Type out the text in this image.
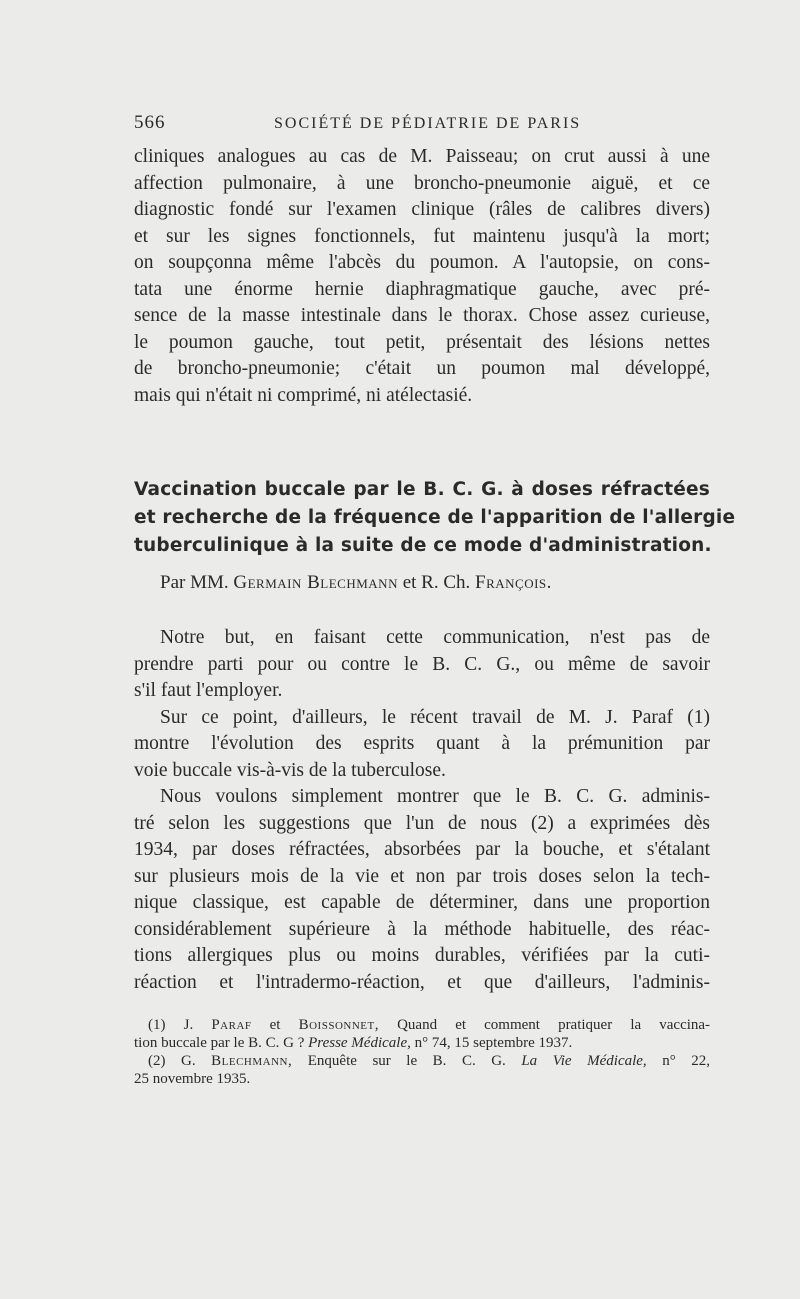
566	SOCIÉTÉ DE PÉDIATRIE DE PARIS
cliniques analogues au cas de M. Paisseau; on crut aussi à une
affection pulmonaire, à une broncho-pneumonie aiguë, et ce
diagnostic fondé sur l'examen clinique (râles de calibres divers)
et sur les signes fonctionnels, fut maintenu jusqu'à la mort;
on soupçonna même l'abcès du poumon. A l'autopsie, on cons-
tata une énorme hernie diaphragmatique gauche, avec pré-
sence de la masse intestinale dans le thorax. Chose assez curieuse,
le poumon gauche, tout petit, présentait des lésions nettes
de broncho-pneumonie; c'était un poumon mal développé,
mais qui n'était ni comprimé, ni atélectasié.
Vaccination buccale par le B. C. G. à doses réfractées
et recherche de la fréquence de l'apparition de l'allergie
tuberculinique à la suite de ce mode d'administration.
Par MM. Germain Blechmann et R. Ch. François.
Notre but, en faisant cette communication, n'est pas de
prendre parti pour ou contre le B. C. G., ou même de savoir
s'il faut l'employer.
Sur ce point, d'ailleurs, le récent travail de M. J. Paraf (1)
montre l'évolution des esprits quant à la prémunition par
voie buccale vis-à-vis de la tuberculose.
Nous voulons simplement montrer que le B. C. G. adminis-
tré selon les suggestions que l'un de nous (2) a exprimées dès
1934, par doses réfractées, absorbées par la bouche, et s'étalant
sur plusieurs mois de la vie et non par trois doses selon la tech-
nique classique, est capable de déterminer, dans une proportion
considérablement supérieure à la méthode habituelle, des réac-
tions allergiques plus ou moins durables, vérifiées par la cuti-
réaction et l'intradermo-réaction, et que d'ailleurs, l'adminis-
(1) J. Paraf et Boissonnet, Quand et comment pratiquer la vaccina-
tion buccale par le B. C. G ? Presse Médicale, n° 74, 15 septembre 1937.
(2) G. Blechmann, Enquête sur le B. C. G. La Vie Médicale, n° 22,
25 novembre 1935.
